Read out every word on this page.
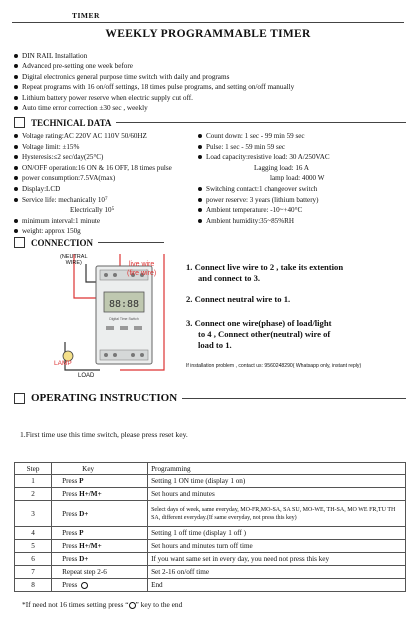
TIMER
WEEKLY PROGRAMMABLE TIMER
DIN RAIL Installation
Advanced pre-setting one week before
Digital electronics general purpose time switch with daily and programs
Repeat programs with 16 on/off settings, 18 times pulse programs, and setting on/off manually
Lithium battery power reserve when electric supply cut off.
Auto time error correction ±30 sec , weekly
TECHNICAL DATA
Voltage rating:AC 220V AC 110V 50/60HZ
Voltage limit: ±15%
Hysteresis:≤2 sec/day(25°C)
ON/OFF operation:16 ON & 16 OFF, 18 times pulse
power consumption:7.5VA(max)
Display:LCD
Service life: mechanically 10 7
Electrically 10 5
minimum interval:1 minute
weight: approx 150g
Count down: 1 sec - 99 min 59 sec
Pulse: 1 sec - 59 min 59 sec
Load capacity:resistive load: 30 A/250VAC
Lagging load: 16 A
lamp load: 4000 W
Switching contact:1 changeover switch
power reserve: 3 years (lithium battery)
Ambient temperature: -10~+40°C
Ambient humidity:35~85%RH
CONNECTION
88:88
Digital Time Switch
(NEUTRAL
WIRE)	live wire
(fire wire)
LAMP
LOAD
1. Connect live wire to 2 , take its extention
and connect to 3.
2. Connect neutral wire to 1.
3. Connect one wire(phase) of load/light
to 4 , Connect other(neutral) wire of
load to 1.
If installation problem , contact us: 9560248290( Whatsapp only, instant reply)
OPERATING INSTRUCTION
1.First time use this time switch, please press reset key.
Step	Key	Programming
1	Press P	Setting 1 ON time (display 1 on)
2	Press H+/M+	Set hours and minutes
3	Press D+	Select days of week, same everyday, MO-FR,MO-SA, SA SU, MO-WE, TH-SA, MO WE FR,TU TH SA, different everyday.(If same everyday, not press this key)
4	Press P	Setting 1 off time (display 1 off )
5	Press H+/M+	Set hours and minutes turn off time
6	Press D+	If you want same set in every day, you need not press this key
7	Repeat step 2-6	Set 2-16 on/off time
8	Press	End
*If need not 16 times setting press “ ” key to the end
